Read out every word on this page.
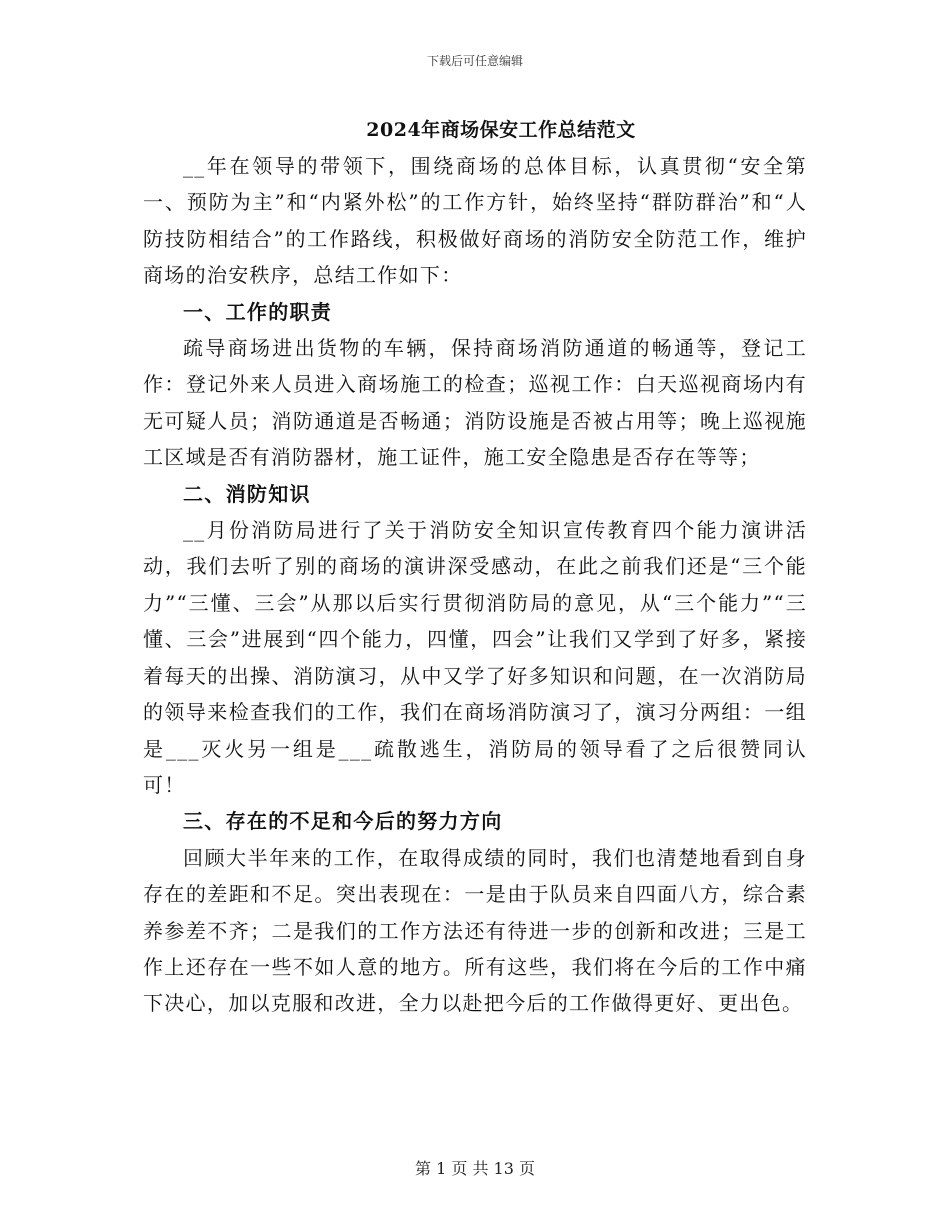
下载后可任意编辑
2024年商场保安工作总结范文

__年在领导的带领下，围绕商场的总体目标，认真贯彻“安全第一、预防为主”和“内紧外松”的工作方针，始终坚持“群防群治”和“人防技防相结合”的工作路线，积极做好商场的消防安全防范工作，维护商场的治安秩序，总结工作如下：

一、工作的职责

疏导商场进出货物的车辆，保持商场消防通道的畅通等，登记工作：登记外来人员进入商场施工的检查；巡视工作：白天巡视商场内有无可疑人员；消防通道是否畅通；消防设施是否被占用等；晚上巡视施工区域是否有消防器材，施工证件，施工安全隐患是否存在等等；

二、消防知识

__月份消防局进行了关于消防安全知识宣传教育四个能力演讲活动，我们去听了别的商场的演讲深受感动，在此之前我们还是“三个能力”“三懂、三会”从那以后实行贯彻消防局的意见，从“三个能力”“三懂、三会”进展到“四个能力，四懂，四会”让我们又学到了好多，紧接着每天的出操、消防演习，从中又学了好多知识和问题，在一次消防局的领导来检查我们的工作，我们在商场消防演习了，演习分两组：一组是___灭火另一组是___疏散逃生，消防局的领导看了之后很赞同认可！

三、存在的不足和今后的努力方向

回顾大半年来的工作，在取得成绩的同时，我们也清楚地看到自身存在的差距和不足。突出表现在：一是由于队员来自四面八方，综合素养参差不齐；二是我们的工作方法还有待进一步的创新和改进；三是工作上还存在一些不如人意的地方。所有这些，我们将在今后的工作中痛下决心，加以克服和改进，全力以赴把今后的工作做得更好、更出色。

第 1 页 共 13 页
